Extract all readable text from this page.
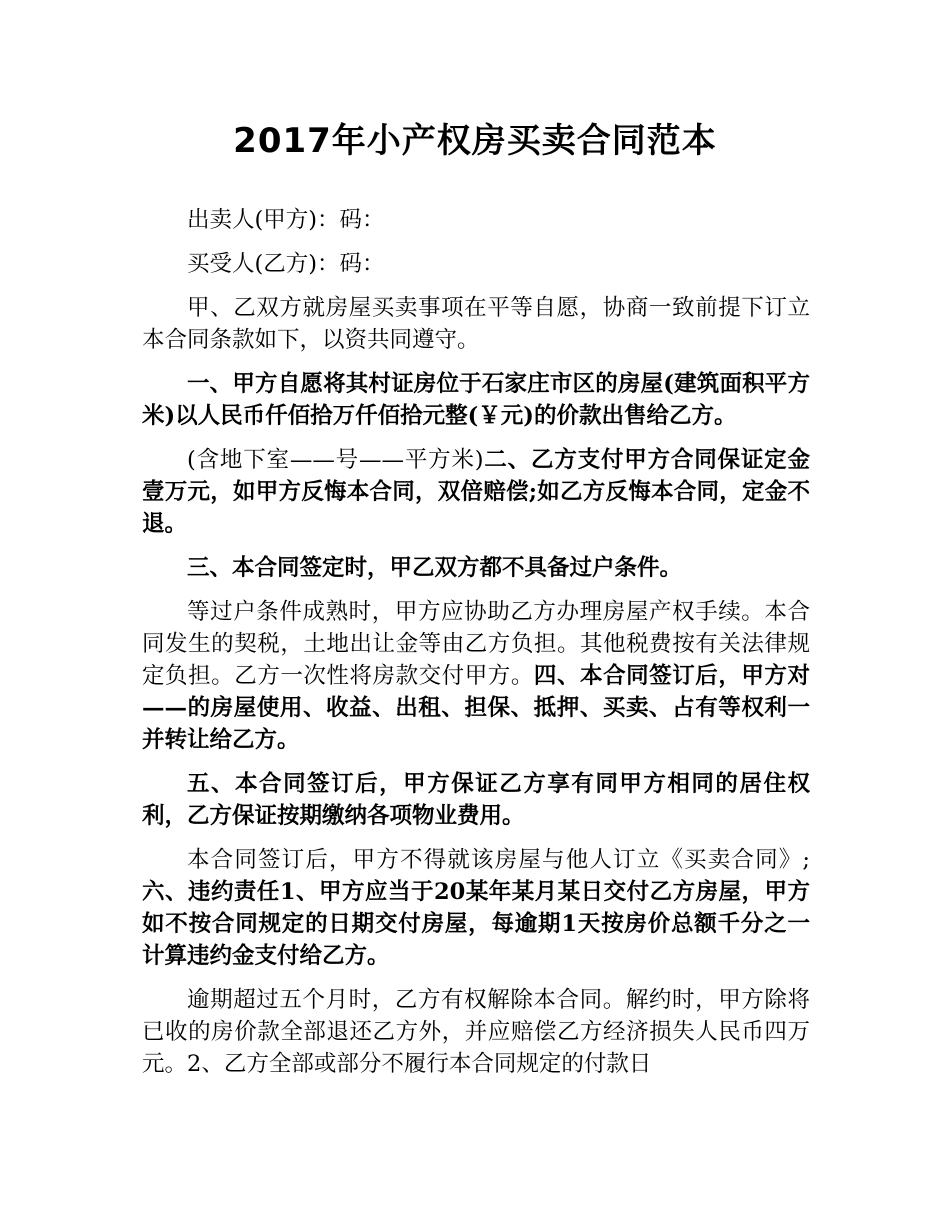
2017年小产权房买卖合同范本

出卖人(甲方)：码：

买受人(乙方)：码：

甲、乙双方就房屋买卖事项在平等自愿，协商一致前提下订立本合同条款如下，以资共同遵守。

一、甲方自愿将其村证房位于石家庄市区的房屋(建筑面积平方米)以人民币仟佰拾万仟佰拾元整(￥元)的价款出售给乙方。

(含地下室——号——平方米)二、乙方支付甲方合同保证定金壹万元，如甲方反悔本合同，双倍赔偿;如乙方反悔本合同，定金不退。

三、本合同签定时，甲乙双方都不具备过户条件。

等过户条件成熟时，甲方应协助乙方办理房屋产权手续。本合同发生的契税，土地出让金等由乙方负担。其他税费按有关法律规定负担。乙方一次性将房款交付甲方。四、本合同签订后，甲方对——的房屋使用、收益、出租、担保、抵押、买卖、占有等权利一并转让给乙方。

五、本合同签订后，甲方保证乙方享有同甲方相同的居住权利，乙方保证按期缴纳各项物业费用。

本合同签订后，甲方不得就该房屋与他人订立《买卖合同》;六、违约责任1、甲方应当于20某年某月某日交付乙方房屋，甲方如不按合同规定的日期交付房屋，每逾期1天按房价总额千分之一计算违约金支付给乙方。

逾期超过五个月时，乙方有权解除本合同。解约时，甲方除将已收的房价款全部退还乙方外，并应赔偿乙方经济损失人民币四万元。2、乙方全部或部分不履行本合同规定的付款日
